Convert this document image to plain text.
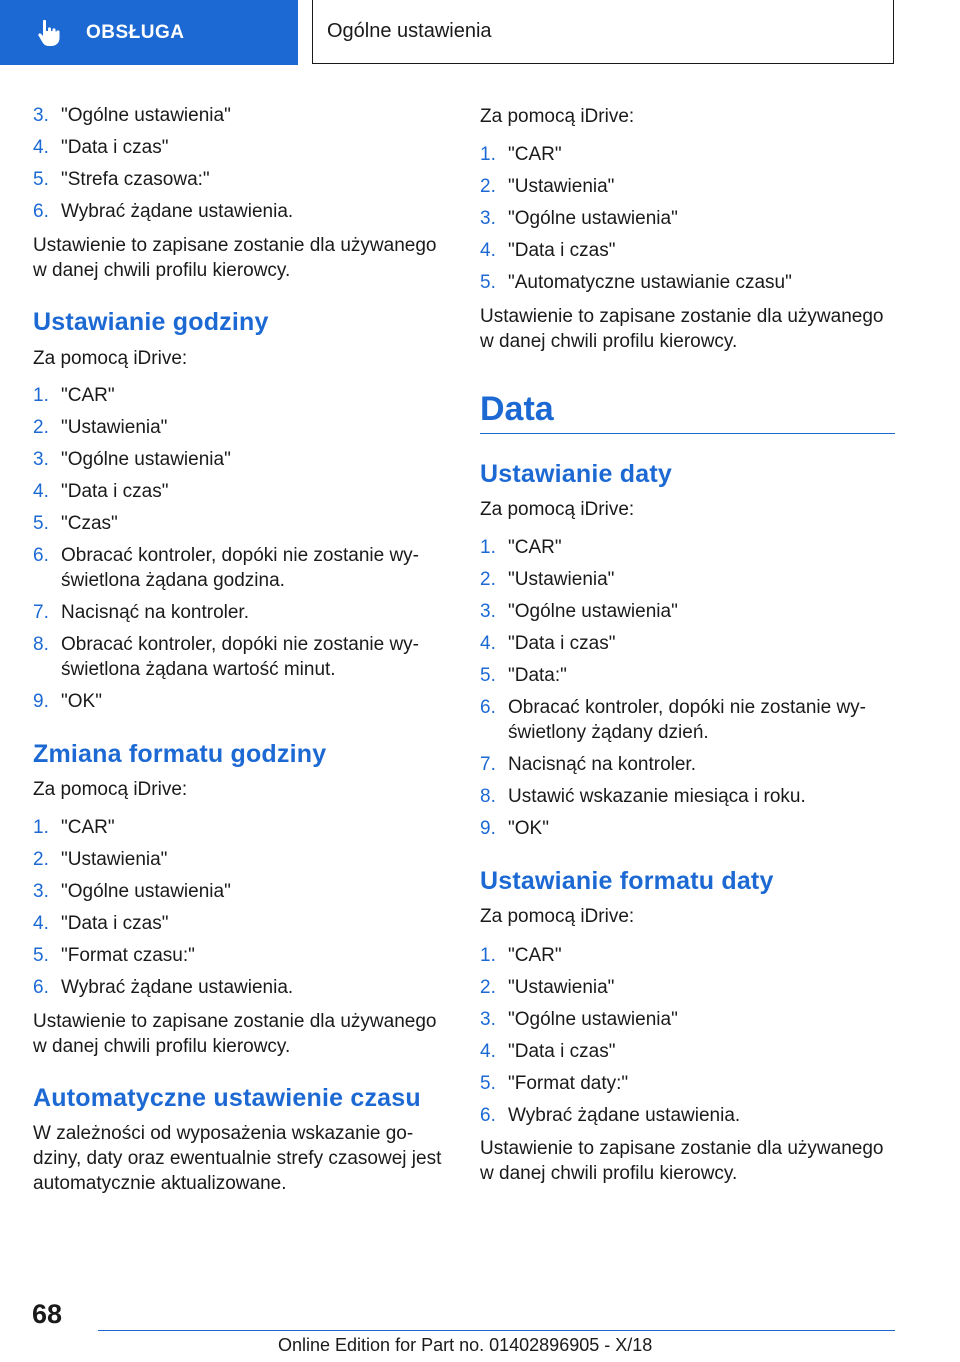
OBSŁUGA	Ogólne ustawienia
3. "Ogólne ustawienia"
4. "Data i czas"
5. "Strefa czasowa:"
6. Wybrać żądane ustawienia.
Ustawienie to zapisane zostanie dla używanego
w danej chwili profilu kierowcy.
Ustawianie godziny
Za pomocą iDrive:
1. "CAR"
2. "Ustawienia"
3. "Ogólne ustawienia"
4. "Data i czas"
5. "Czas"
6. Obracać kontroler, dopóki nie zostanie wy-
świetlona żądana godzina.
7. Nacisnąć na kontroler.
8. Obracać kontroler, dopóki nie zostanie wy-
świetlona żądana wartość minut.
9. "OK"
Zmiana formatu godziny
Za pomocą iDrive:
1. "CAR"
2. "Ustawienia"
3. "Ogólne ustawienia"
4. "Data i czas"
5. "Format czasu:"
6. Wybrać żądane ustawienia.
Ustawienie to zapisane zostanie dla używanego
w danej chwili profilu kierowcy.
Automatyczne ustawienie czasu
W zależności od wyposażenia wskazanie go-
dziny, daty oraz ewentualnie strefy czasowej jest
automatycznie aktualizowane.
Za pomocą iDrive:
1. "CAR"
2. "Ustawienia"
3. "Ogólne ustawienia"
4. "Data i czas"
5. "Automatyczne ustawianie czasu"
Ustawienie to zapisane zostanie dla używanego
w danej chwili profilu kierowcy.
Data
Ustawianie daty
Za pomocą iDrive:
1. "CAR"
2. "Ustawienia"
3. "Ogólne ustawienia"
4. "Data i czas"
5. "Data:"
6. Obracać kontroler, dopóki nie zostanie wy-
świetlony żądany dzień.
7. Nacisnąć na kontroler.
8. Ustawić wskazanie miesiąca i roku.
9. "OK"
Ustawianie formatu daty
Za pomocą iDrive:
1. "CAR"
2. "Ustawienia"
3. "Ogólne ustawienia"
4. "Data i czas"
5. "Format daty:"
6. Wybrać żądane ustawienia.
Ustawienie to zapisane zostanie dla używanego
w danej chwili profilu kierowcy.
68
Online Edition for Part no. 01402896905 - X/18
